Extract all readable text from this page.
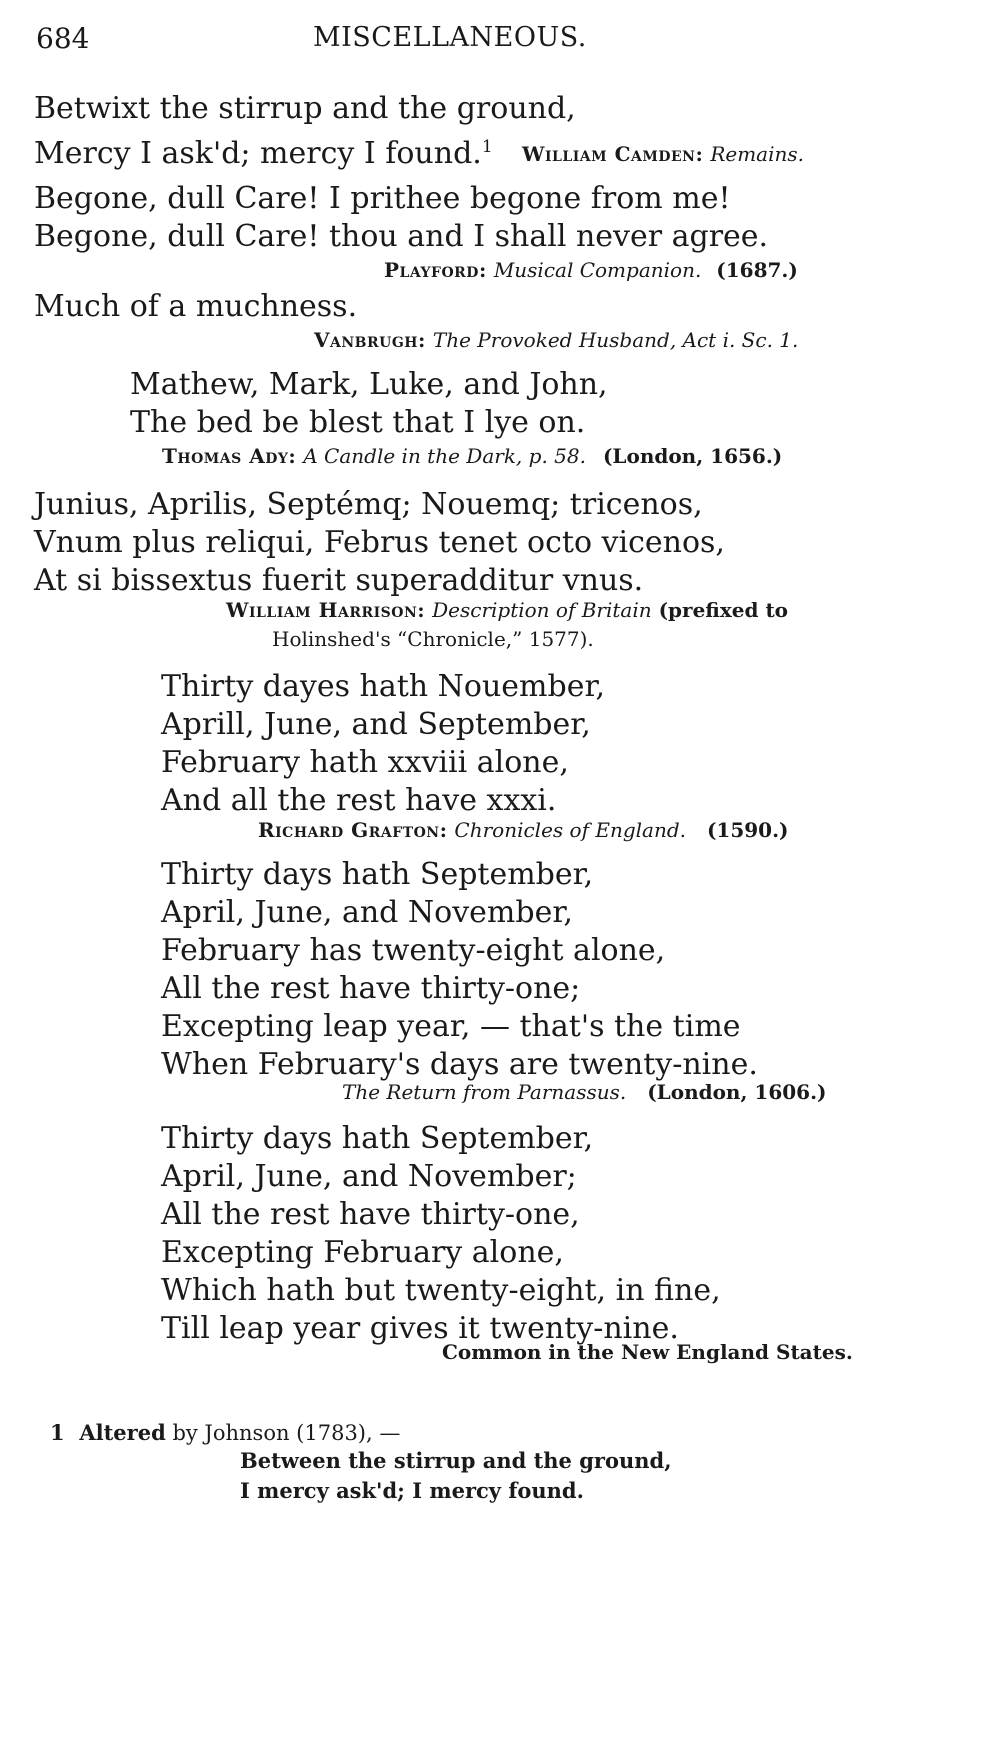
684	MISCELLANEOUS.
Betwixt the stirrup and the ground,
Mercy I ask'd; mercy I found.$^1$	William Camden: Remains.
Begone, dull Care! I prithee begone from me!
Begone, dull Care! thou and I shall never agree.
Playford: Musical Companion. (1687.)
Much of a muchness.
Vanbrugh: The Provoked Husband, Act i. Sc. 1.
Mathew, Mark, Luke, and John,
The bed be blest that I lye on.
Thomas Ady: A Candle in the Dark, p. 58. (London, 1656.)
Junius, Aprilis, Septémq; Nouemq; tricenos,
Vnum plus reliqui, Februs tenet octo vicenos,
At si bissextus fuerit superadditur vnus.
William Harrison: Description of Britain (prefixed to
Holinshed's “Chronicle,” 1577).
Thirty dayes hath Nouember,
Aprill, June, and September,
February hath xxviii alone,
And all the rest have xxxi.
Richard Grafton: Chronicles of England. (1590.)
Thirty days hath September,
April, June, and November,
February has twenty-eight alone,
All the rest have thirty-one;
Excepting leap year, — that's the time
When February's days are twenty-nine.
The Return from Parnassus. (London, 1606.)
Thirty days hath September,
April, June, and November;
All the rest have thirty-one,
Excepting February alone,
Which hath but twenty-eight, in fine,
Till leap year gives it twenty-nine.
Common in the New England States.
1 Altered by Johnson (1783), —
Between the stirrup and the ground,
I mercy ask'd; I mercy found.
